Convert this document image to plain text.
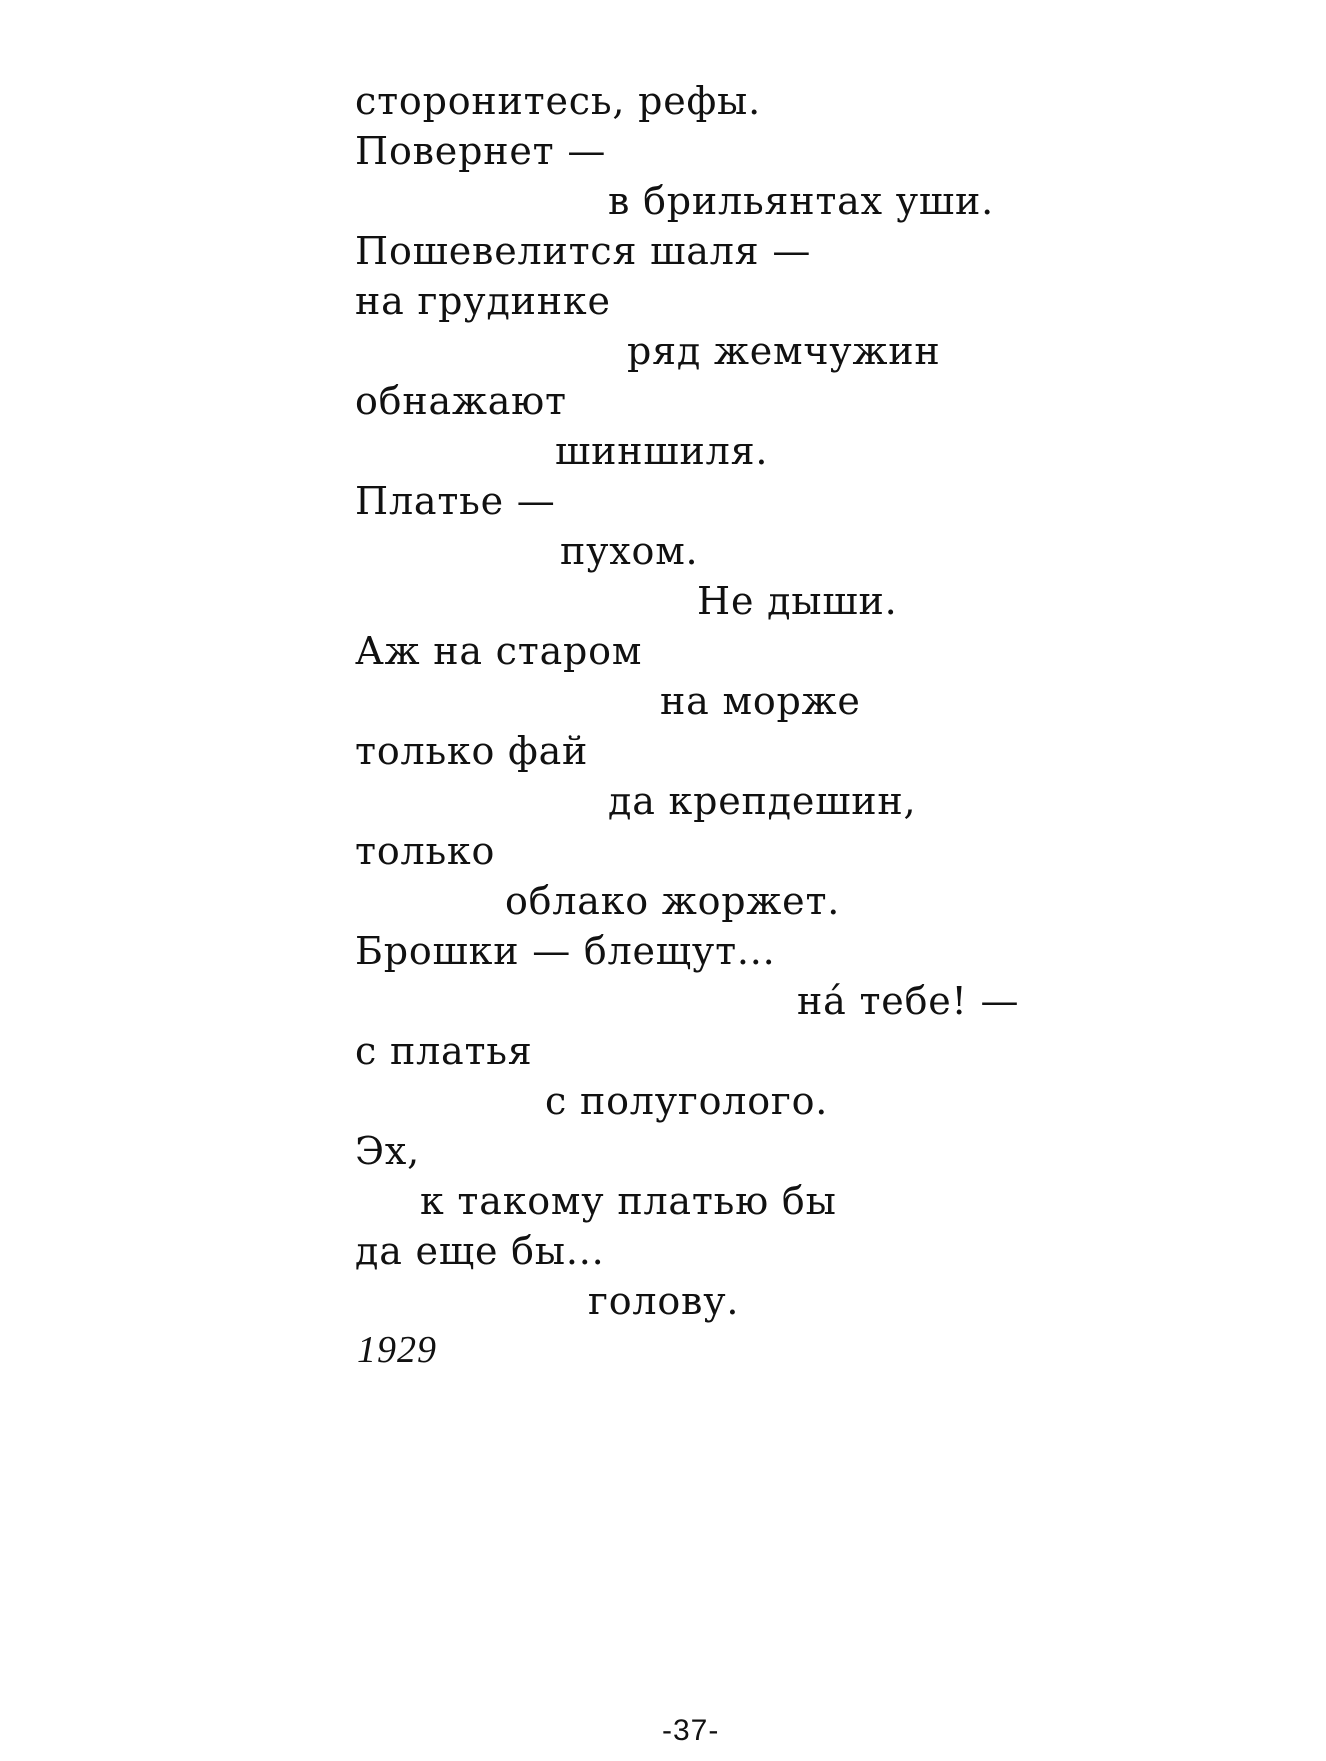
сторонитесь, рефы.
Повернет —
в брильянтах уши.
Пошевелится шаля —
на грудинке
ряд жемчужин
обнажают
шиншиля.
Платье —
пухом.
Не дыши.
Аж на старом
на морже
только фай
да крепдешин,
только
облако жоржет.
Брошки — блещут...
нá тебе! —
с платья
с полуголого.
Эх,
к такому платью бы
да еще бы...
голову.
1929
-37-
